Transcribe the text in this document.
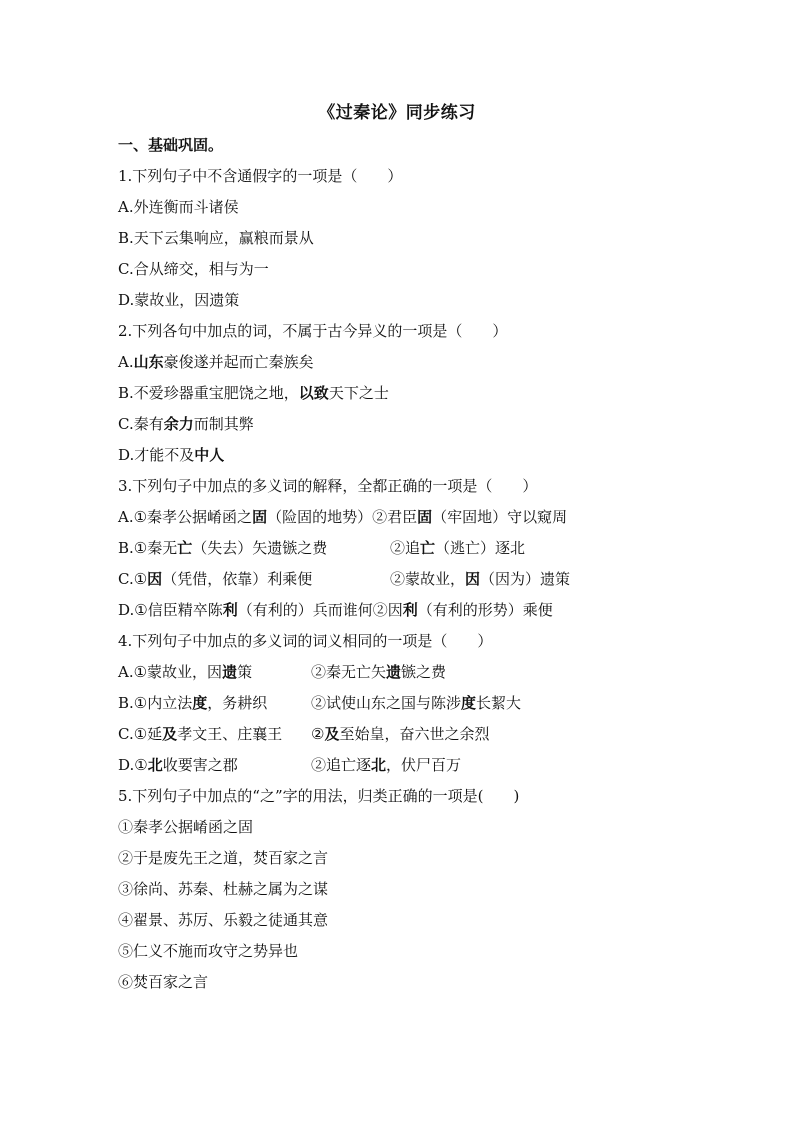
《过秦论》同步练习
一、基础巩固。
1.下列句子中不含通假字的一项是（　　）
A.外连衡而斗诸侯
B.天下云集响应，赢粮而景从
C.合从缔交，相与为一
D.蒙故业，因遗策
2.下列各句中加点的词，不属于古今异义的一项是（　　）
A.山东豪俊遂并起而亡秦族矣
B.不爱珍器重宝肥饶之地，以致天下之士
C.秦有余力而制其弊
D.才能不及中人
3.下列句子中加点的多义词的解释，全都正确的一项是（　　）
A.①秦孝公据崤函之固（险固的地势）②君臣固（牢固地）守以窥周
B.①秦无亡（失去）矢遗镞之费	②追亡（逃亡）逐北
C.①因（凭借，依靠）利乘便	②蒙故业，因（因为）遗策
D.①信臣精卒陈利（有利的）兵而谁何②因利（有利的形势）乘便
4.下列句子中加点的多义词的词义相同的一项是（　　）
A.①蒙故业，因遗策	②秦无亡矢遗镞之费
B.①内立法度，务耕织	②试使山东之国与陈涉度长絜大
C.①延及孝文王、庄襄王 ②及至始皇，奋六世之余烈
D.①北收要害之郡	②追亡逐北，伏尸百万
5.下列句子中加点的“之”字的用法，归类正确的一项是(　　)
①秦孝公据崤函之固
②于是废先王之道，焚百家之言
③徐尚、苏秦、杜赫之属为之谋
④翟景、苏厉、乐毅之徒通其意
⑤仁义不施而攻守之势异也
⑥焚百家之言
